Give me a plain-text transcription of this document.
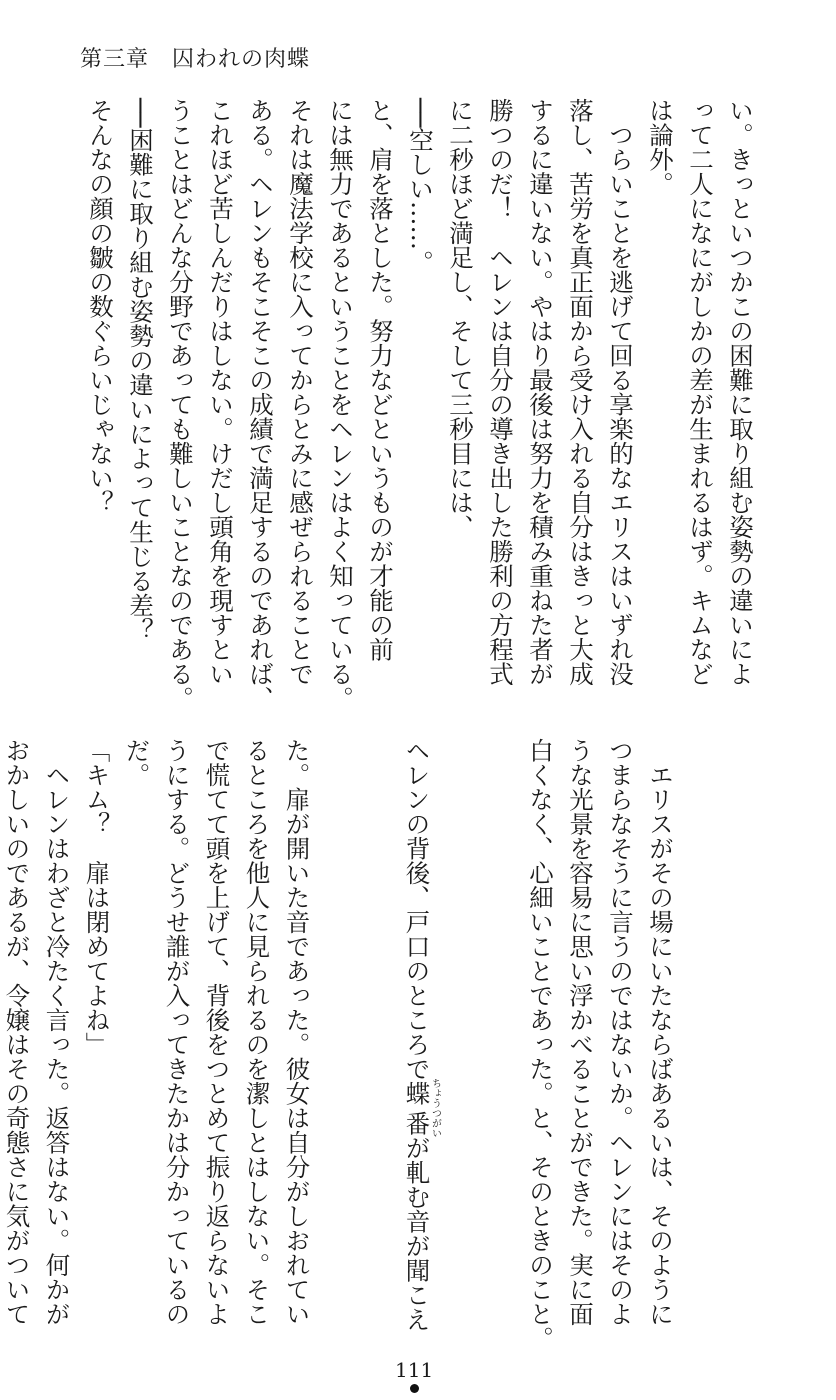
第三章　囚われの肉蝶
い。きっといつかこの困難に取り組む姿勢の違いによ
って二人になにがしかの差が生まれるはず。キムなど
は論外。
　つらいことを逃げて回る享楽的なエリスはいずれ没
落し、苦労を真正面から受け入れる自分はきっと大成
するに違いない。やはり最後は努力を積み重ねた者が
勝つのだ！　ヘレンは自分の導き出した勝利の方程式
に二秒ほど満足し、そして三秒目には、
──空しい……。
と、肩を落とした。努力などというものが才能の前
には無力であるということをヘレンはよく知っている。
それは魔法学校に入ってからとみに感ぜられることで
ある。ヘレンもそこそこの成績で満足するのであれば、
これほど苦しんだりはしない。けだし頭角を現すとい
うことはどんな分野であっても難しいことなのである。
──困難に取り組む姿勢の違いによって生じる差？
そんなの顔の皺の数ぐらいじゃない？

　エリスがその場にいたならばあるいは、そのように
つまらなそうに言うのではないか。ヘレンにはそのよ
うな光景を容易に思い浮かべることができた。実に面
白くなく、心細いことであった。と、そのときのこと。

ヘレンの背後、戸口のところで蝶番ちょうつがいが軋む音が聞こえ

た。扉が開いた音であった。彼女は自分がしおれてい
るところを他人に見られるのを潔しとはしない。そこ
で慌てて頭を上げて、背後をつとめて振り返らないよ
うにする。どうせ誰が入ってきたかは分かっているの
だ。
「キム？　扉は閉めてよね」
　ヘレンはわざと冷たく言った。返答はない。何かが
おかしいのであるが、令嬢はその奇態さに気がついて

111
